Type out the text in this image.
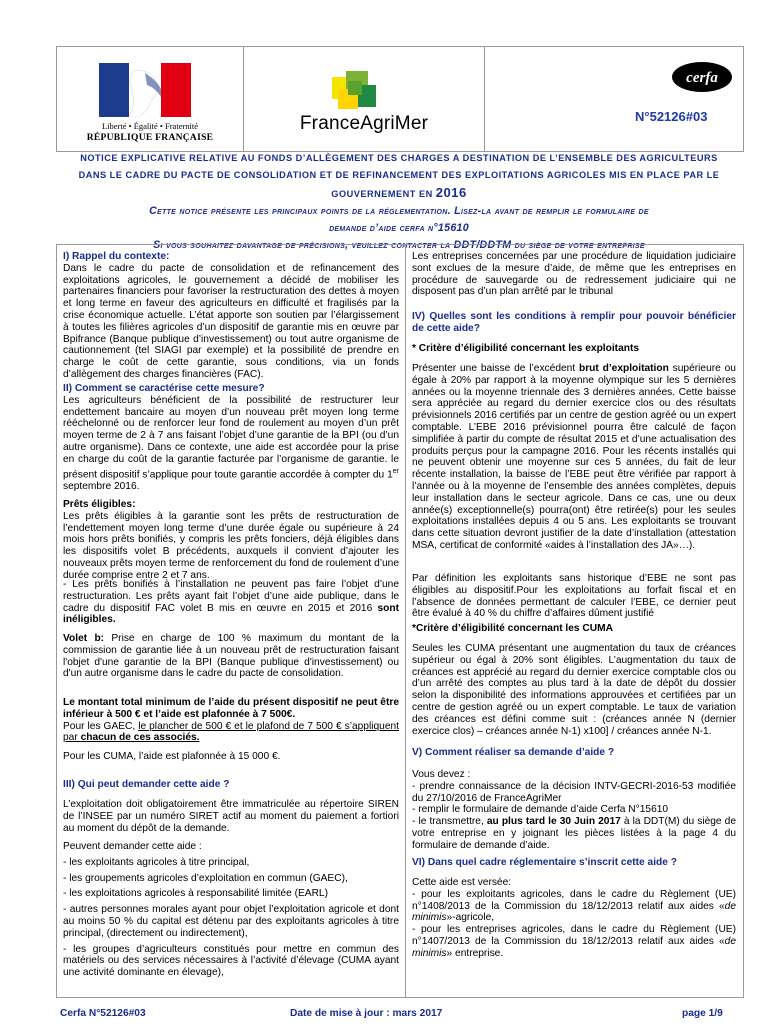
Liberté • Égalité • Fraternité
RÉPUBLIQUE FRANÇAISE
FranceAgriMer
cerfa
N°52126#03
NOTICE EXPLICATIVE RELATIVE AU FONDS D’ALLÈGEMENT DES CHARGES A DESTINATION DE L’ENSEMBLE DES AGRICULTEURS
DANS LE CADRE DU PACTE DE CONSOLIDATION ET DE REFINANCEMENT DES EXPLOITATIONS AGRICOLES MIS EN PLACE PAR LE
GOUVERNEMENT EN 2016
Cette notice présente les principaux points de la réglementation. Lisez-la avant de remplir le formulaire de
demande d’aide cerfa n°15610
Si vous souhaitez davantage de précisions, veuillez contacter la DDT/DDTM du siège de votre entreprise

I) Rappel du contexte:

Dans le cadre du pacte de consolidation et de refinancement des exploitations agricoles, le gouvernement a décidé de mobiliser les partenaires financiers pour favoriser la restructuration des dettes à moyen et long terme en faveur des agriculteurs en difficulté et fragilisés par la crise économique actuelle. L’état apporte son soutien par l’élargissement à toutes les filières agricoles d’un dispositif de garantie mis en œuvre par Bpifrance (Banque publique d’investissement) ou tout autre organisme de cautionnement (tel SIAGI par exemple) et la possibilité de prendre en charge le coût de cette garantie, sous conditions, via un fonds d’allègement des charges financières (FAC).

II) Comment se caractérise cette mesure?

Les agriculteurs bénéficient de la possibilité de restructurer leur endettement bancaire au moyen d’un nouveau prêt moyen long terme rééchelonné ou de renforcer leur fond de roulement au moyen d’un prêt moyen terme de 2 à 7 ans faisant l’objet d’une garantie de la BPI (ou d’un autre organisme). Dans ce contexte, une aide est accordée pour la prise en charge du coût de la garantie facturée par l’organisme de garantie. le présent dispositif s’applique pour toute garantie accordée à compter du 1er septembre 2016.

Prêts éligibles:

Les prêts éligibles à la garantie sont les prêts de restructuration de l’endettement moyen long terme d’une durée égale ou supérieure à 24 mois hors prêts bonifiés, y compris les prêts fonciers, déjà éligibles dans les dispositifs volet B précédents, auxquels il convient d’ajouter les nouveaux prêts moyen terme de renforcement du fond de roulement d’une durée comprise entre 2 et 7 ans.

- Les prêts bonifiés à l’installation ne peuvent pas faire l’objet d’une restructuration. Les prêts ayant fait l’objet d’une aide publique, dans le cadre du dispositif FAC volet B mis en œuvre en 2015 et 2016 sont inéligibles.

Volet b: Prise en charge de 100 % maximum du montant de la commission de garantie liée à un nouveau prêt de restructuration faisant l'objet d'une garantie de la BPI (Banque publique d'investissement) ou d'un autre organisme dans le cadre du pacte de consolidation.

Le montant total minimum de l’aide du présent dispositif ne peut être inférieur à 500 € et l’aide est plafonnée à 7 500€.

Pour les GAEC, le plancher de 500 € et le plafond de 7 500 € s’appliquent par chacun de ces associés.

Pour les CUMA, l’aide est plafonnée à 15 000 €.

III) Qui peut demander cette aide ?

L’exploitation doit obligatoirement être immatriculée au répertoire SIREN de l’INSEE par un numéro SIRET actif au moment du paiement a fortiori au moment du dépôt de la demande.

Peuvent demander cette aide :

- les exploitants agricoles à titre principal,

- les groupements agricoles d’exploitation en commun (GAEC),

- les exploitations agricoles à responsabilité limitée (EARL)

- autres personnes morales ayant pour objet l’exploitation agricole et dont au moins 50 % du capital est détenu par des exploitants agricoles à titre principal, (directement ou indirectement),

- les groupes d’agriculteurs constitués pour mettre en commun des matériels ou des services nécessaires à l’activité d’élevage (CUMA ayant une activité dominante en élevage),

Les entreprises concernées par une procédure de liquidation judiciaire sont exclues de la mesure d’aide, de même que les entreprises en procédure de sauvegarde ou de redressement judiciaire qui ne disposent pas d’un plan arrêté par le tribunal

IV) Quelles sont les conditions à remplir pour pouvoir bénéficier de cette aide?

* Critère d’éligibilité concernant les exploitants

Présenter une baisse de l’excédent brut d’exploitation supérieure ou égale à 20% par rapport à la moyenne olympique sur les 5 dernières années ou la moyenne triennale des 3 dernières années. Cette baisse sera appréciée au regard du dernier exercice clos ou des résultats prévisionnels 2016 certifiés par un centre de gestion agréé ou un expert comptable. L’EBE 2016 prévisionnel pourra être calculé de façon simplifiée à partir du compte de résultat 2015 et d’une actualisation des produits perçus pour la campagne 2016. Pour les récents installés qui ne peuvent obtenir une moyenne sur ces 5 années, du fait de leur récente installation, la baisse de l’EBE peut être vérifiée par rapport à l’année ou à la moyenne de l’ensemble des années complètes, depuis leur installation dans le secteur agricole. Dans ce cas, une ou deux année(s) exceptionnelle(s) pourra(ont) être retirée(s) pour les seules exploitations installées depuis 4 ou 5 ans. Les exploitants se trouvant dans cette situation devront justifier de la date d’installation (attestation MSA, certificat de conformité «aides à l’installation des JA»…).

Par définition les exploitants sans historique d’EBE ne sont pas éligibles au dispositif.Pour les exploitations au forfait fiscal et en l’absence de données permettant de calculer l’EBE, ce dernier peut être évalué à 40 % du chiffre d’affaires dûment justifié

*Critère d’éligibilité concernant les CUMA

Seules les CUMA présentant une augmentation du taux de créances supérieur ou égal à 20% sont éligibles. L’augmentation du taux de créances est apprécié au regard du dernier exercice comptable clos ou d’un arrêté des comptes au plus tard à la date de dépôt du dossier selon la disponibilité des informations approuvées et certifiées par un centre de gestion agréé ou un expert comptable. Le taux de variation des créances est défini comme suit : (créances année N (dernier exercice clos) – créances année N-1) x100] / créances année N-1.

V) Comment réaliser sa demande d’aide ?

Vous devez :

- prendre connaissance de la décision INTV-GECRI-2016-53 modifiée du 27/10/2016 de FranceAgriMer

- remplir le formulaire de demande d’aide Cerfa N°15610

- le transmettre, au plus tard le 30 Juin 2017 à la DDT(M) du siège de votre entreprise en y joignant les pièces listées à la page 4 du formulaire de demande d’aide.

VI) Dans quel cadre réglementaire s’inscrit cette aide ?

Cette aide est versée:

- pour les exploitants agricoles, dans le cadre du Règlement (UE) n°1408/2013 de la Commission du 18/12/2013 relatif aux aides «de minimis»-agricole,

- pour les entreprises agricoles, dans le cadre du Règlement (UE) n°1407/2013 de la Commission du 18/12/2013 relatif aux aides «de minimis» entreprise.

Cerfa N°52126#03	Date de mise à jour : mars 2017	page 1/9
